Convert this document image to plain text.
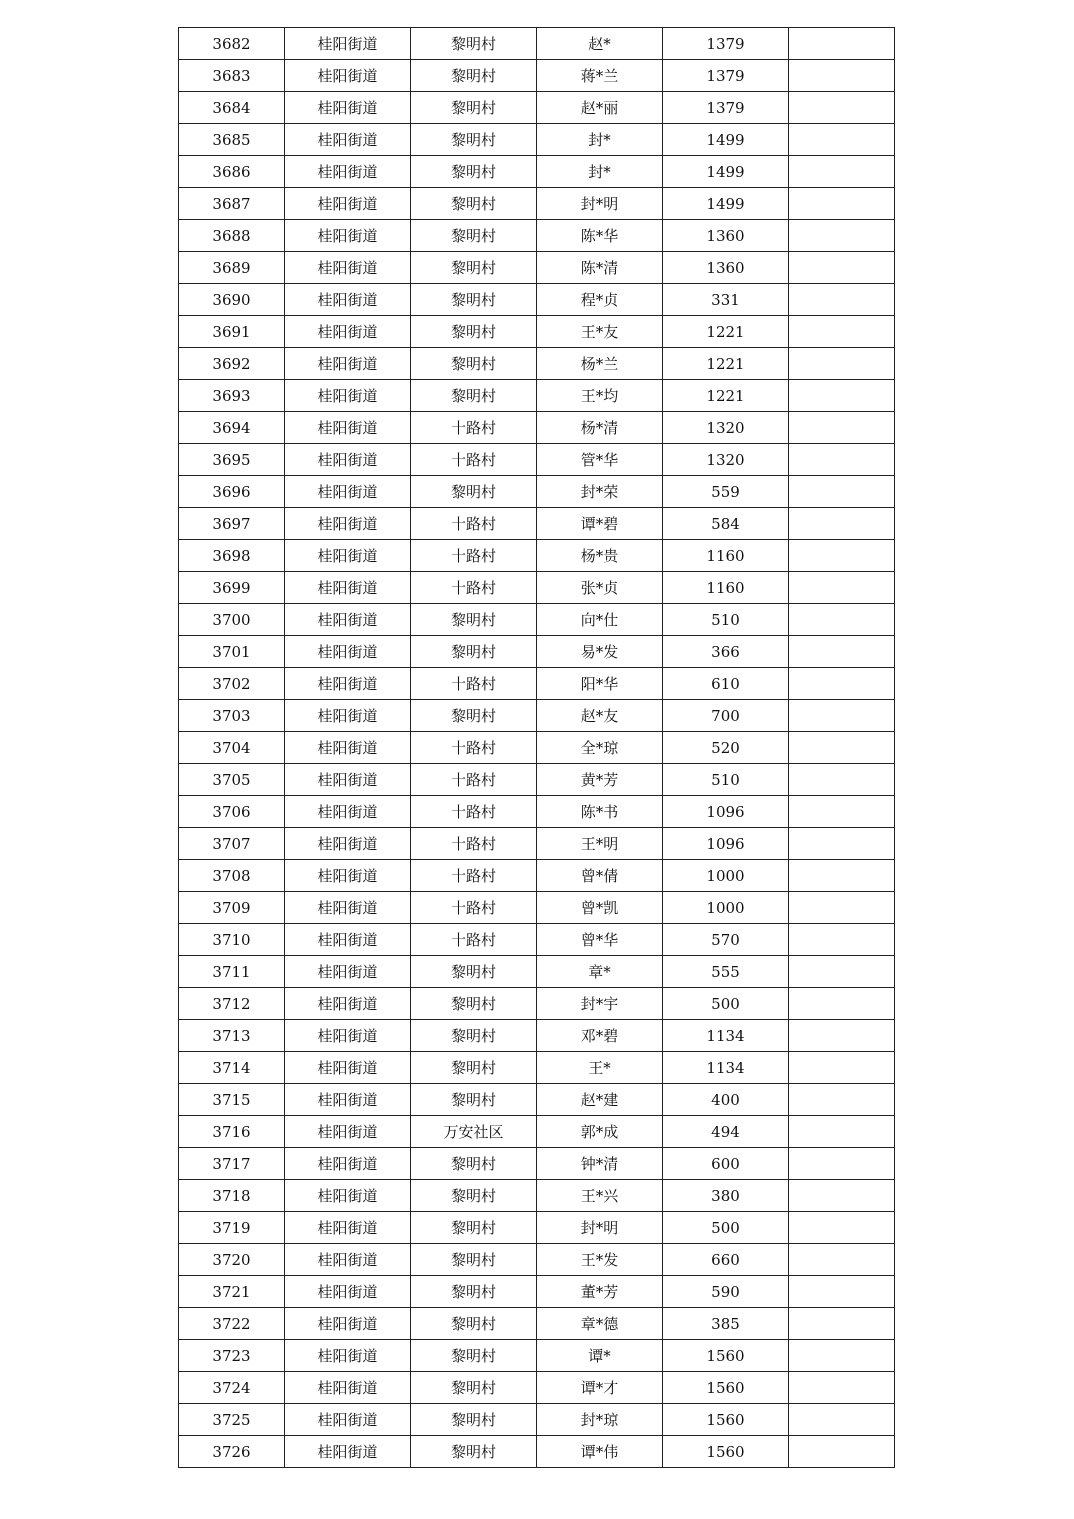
3682	桂阳街道	黎明村	赵*	1379	
3683	桂阳街道	黎明村	蒋*兰	1379	
3684	桂阳街道	黎明村	赵*丽	1379	
3685	桂阳街道	黎明村	封*	1499	
3686	桂阳街道	黎明村	封*	1499	
3687	桂阳街道	黎明村	封*明	1499	
3688	桂阳街道	黎明村	陈*华	1360	
3689	桂阳街道	黎明村	陈*清	1360	
3690	桂阳街道	黎明村	程*贞	331	
3691	桂阳街道	黎明村	王*友	1221	
3692	桂阳街道	黎明村	杨*兰	1221	
3693	桂阳街道	黎明村	王*均	1221	
3694	桂阳街道	十路村	杨*清	1320	
3695	桂阳街道	十路村	管*华	1320	
3696	桂阳街道	黎明村	封*荣	559	
3697	桂阳街道	十路村	谭*碧	584	
3698	桂阳街道	十路村	杨*贵	1160	
3699	桂阳街道	十路村	张*贞	1160	
3700	桂阳街道	黎明村	向*仕	510	
3701	桂阳街道	黎明村	易*发	366	
3702	桂阳街道	十路村	阳*华	610	
3703	桂阳街道	黎明村	赵*友	700	
3704	桂阳街道	十路村	全*琼	520	
3705	桂阳街道	十路村	黄*芳	510	
3706	桂阳街道	十路村	陈*书	1096	
3707	桂阳街道	十路村	王*明	1096	
3708	桂阳街道	十路村	曾*倩	1000	
3709	桂阳街道	十路村	曾*凯	1000	
3710	桂阳街道	十路村	曾*华	570	
3711	桂阳街道	黎明村	章*	555	
3712	桂阳街道	黎明村	封*宇	500	
3713	桂阳街道	黎明村	邓*碧	1134	
3714	桂阳街道	黎明村	王*	1134	
3715	桂阳街道	黎明村	赵*建	400	
3716	桂阳街道	万安社区	郭*成	494	
3717	桂阳街道	黎明村	钟*清	600	
3718	桂阳街道	黎明村	王*兴	380	
3719	桂阳街道	黎明村	封*明	500	
3720	桂阳街道	黎明村	王*发	660	
3721	桂阳街道	黎明村	董*芳	590	
3722	桂阳街道	黎明村	章*德	385	
3723	桂阳街道	黎明村	谭*	1560	
3724	桂阳街道	黎明村	谭*才	1560	
3725	桂阳街道	黎明村	封*琼	1560	
3726	桂阳街道	黎明村	谭*伟	1560	
